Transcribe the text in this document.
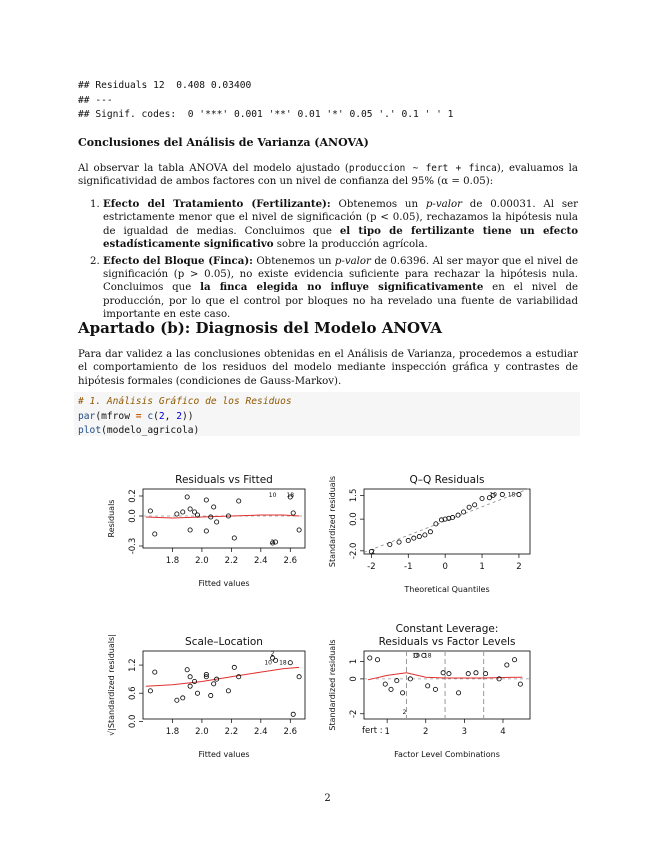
## Residuals 12  0.408 0.03400
## ---
## Signif. codes:  0 '***' 0.001 '**' 0.01 '*' 0.05 '.' 0.1 ' ' 1
Conclusiones del Análisis de Varianza (ANOVA)
Al observar la tabla ANOVA del modelo ajustado (produccion ~ fert + finca), evaluamos la significatividad de ambos factores con un nivel de confianza del 95% (α = 0.05):
1. Efecto del Tratamiento (Fertilizante): Obtenemos un p-valor de 0.00031. Al ser estrictamente menor que el nivel de significación (p < 0.05), rechazamos la hipótesis nula de igualdad de medias. Concluimos que el tipo de fertilizante tiene un efecto estadísticamente significativo sobre la producción agrícola.
2. Efecto del Bloque (Finca): Obtenemos un p-valor de 0.6396. Al ser mayor que el nivel de significación (p > 0.05), no existe evidencia suficiente para rechazar la hipótesis nula. Concluimos que la finca elegida no influye significativamente en el nivel de producción, por lo que el control por bloques no ha revelado una fuente de variabilidad importante en este caso.
Apartado (b): Diagnosis del Modelo ANOVA
Para dar validez a las conclusiones obtenidas en el Análisis de Varianza, procedemos a estudiar el comportamiento de los residuos del modelo mediante inspección gráfica y contrastes de hipótesis formales (condiciones de Gauss-Markov).
# 1. Análisis Gráfico de los Residuos
par(mfrow = c(2, 2))
plot(modelo_agricola)
Residuals vs Fitted
1.8 2.0 2.2 2.4 2.6
-0.3
0.0
0.2
Fitted values
Residuals
10 18
2
Q–Q Residuals
-2	-1	0	1	2
-2.0
0.0
1.5
Theoretical Quantiles
Standardized residuals	10 18
2
Scale–Location
1.8 2.0 2.2 2.4 2.6
0.0
0.6
1.2
Fitted values
√|Standardized residuals|	10 18
2
Constant Leverage:
Residuals vs Factor Levels
1	2	3	4
-2
0
1
Factor Level Combinations
Standardized residuals
fert :
10 18
2
2
